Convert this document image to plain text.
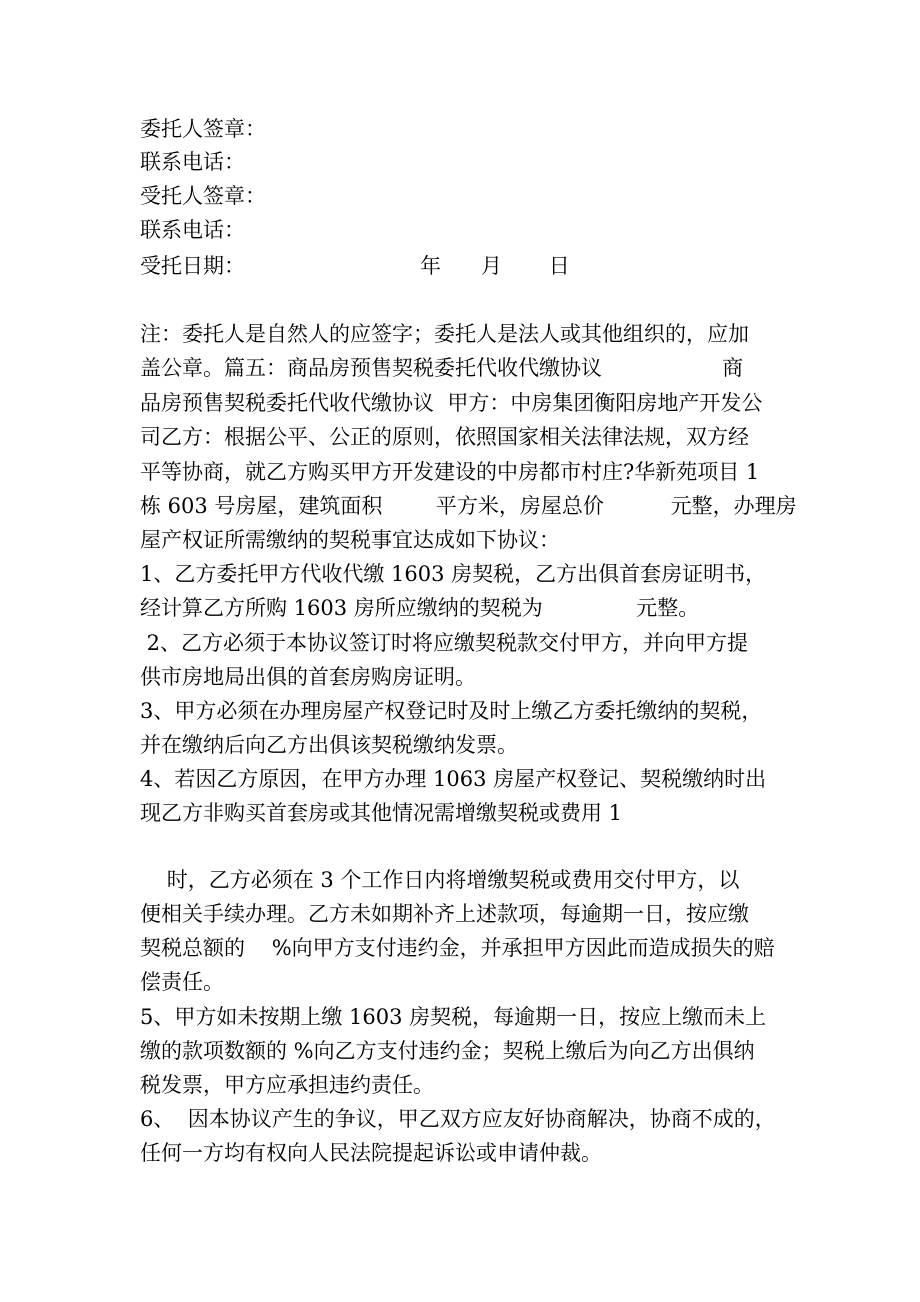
委托人签章：
联系电话：
受托人签章：
联系电话：
受托日期：	年      月       日
注：委托人是自然人的应签字；委托人是法人或其他组织的，应加
盖公章。篇五：商品房预售契税委托代收代缴协议                  商
品房预售契税委托代收代缴协议  甲方：中房集团衡阳房地产开发公
司乙方：根据公平、公正的原则，依照国家相关法律法规，双方经
平等协商，就乙方购买甲方开发建设的中房都市村庄?华新苑项目 1
栋 603 号房屋，建筑面积        平方米，房屋总价          元整，办理房
屋产权证所需缴纳的契税事宜达成如下协议：
1、乙方委托甲方代收代缴 1603 房契税，乙方出俱首套房证明书，
经计算乙方所购 1603 房所应缴纳的契税为              元整。
2、乙方必须于本协议签订时将应缴契税款交付甲方，并向甲方提
供市房地局出俱的首套房购房证明。
3、甲方必须在办理房屋产权登记时及时上缴乙方委托缴纳的契税，
并在缴纳后向乙方出俱该契税缴纳发票。
4、若因乙方原因，在甲方办理 1063 房屋产权登记、契税缴纳时出
现乙方非购买首套房或其他情况需增缴契税或费用 1
时，乙方必须在 3 个工作日内将增缴契税或费用交付甲方，以
便相关手续办理。乙方未如期补齐上述款项，每逾期一日，按应缴
契税总额的    %向甲方支付违约金，并承担甲方因此而造成损失的赔
偿责任。
5、甲方如未按期上缴 1603 房契税，每逾期一日，按应上缴而未上
缴的款项数额的 %向乙方支付违约金；契税上缴后为向乙方出俱纳
税发票，甲方应承担违约责任。
6、  因本协议产生的争议，甲乙双方应友好协商解决，协商不成的，
任何一方均有权向人民法院提起诉讼或申请仲裁。
